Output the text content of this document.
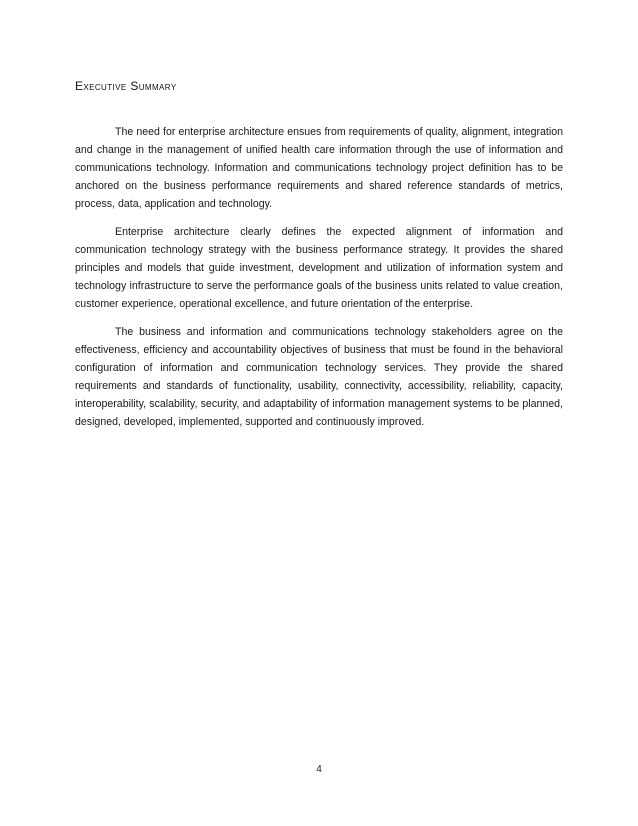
Executive Summary

The need for enterprise architecture ensues from requirements of quality, alignment, integration and change in the management of unified health care information through the use of information and communications technology. Information and communications technology project definition has to be anchored on the business performance requirements and shared reference standards of metrics, process, data, application and technology.

Enterprise architecture clearly defines the expected alignment of information and communication technology strategy with the business performance strategy. It provides the shared principles and models that guide investment, development and utilization of information system and technology infrastructure to serve the performance goals of the business units related to value creation, customer experience, operational excellence, and future orientation of the enterprise.

The business and information and communications technology stakeholders agree on the effectiveness, efficiency and accountability objectives of business that must be found in the behavioral configuration of information and communication technology services. They provide the shared requirements and standards of functionality, usability, connectivity, accessibility, reliability, capacity, interoperability, scalability, security, and adaptability of information management systems to be planned, designed, developed, implemented, supported and continuously improved.

4
